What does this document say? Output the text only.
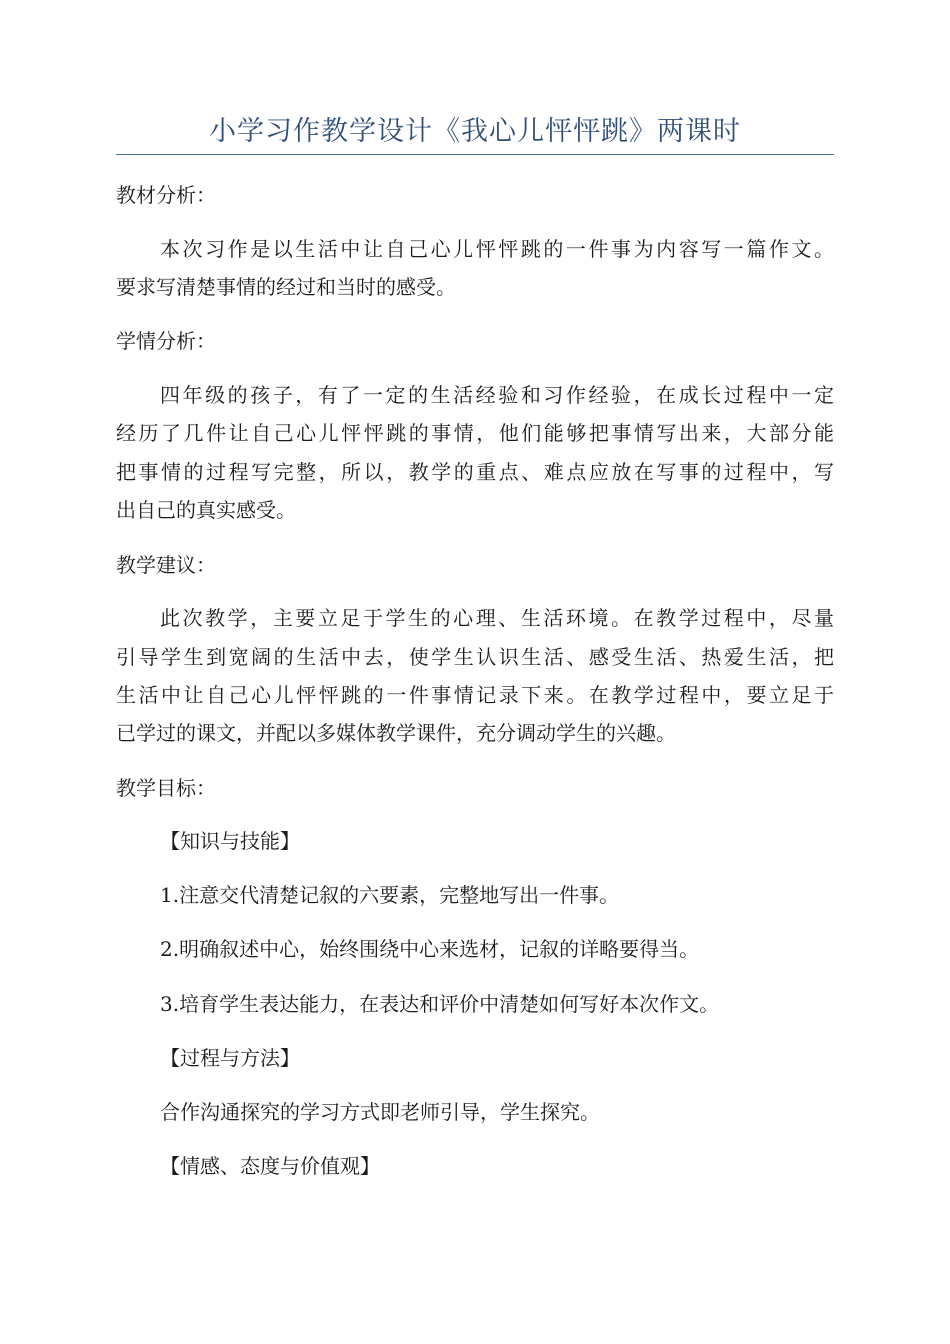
小学习作教学设计《我心儿怦怦跳》两课时
教材分析：
本次习作是以生活中让自己心儿怦怦跳的一件事为内容写一篇作文。
要求写清楚事情的经过和当时的感受。
学情分析：
四年级的孩子，有了一定的生活经验和习作经验，在成长过程中一定
经历了几件让自己心儿怦怦跳的事情，他们能够把事情写出来，大部分能
把事情的过程写完整，所以，教学的重点、难点应放在写事的过程中，写
出自己的真实感受。
教学建议：
此次教学，主要立足于学生的心理、生活环境。在教学过程中，尽量
引导学生到宽阔的生活中去，使学生认识生活、感受生活、热爱生活，把
生活中让自己心儿怦怦跳的一件事情记录下来。在教学过程中，要立足于
已学过的课文，并配以多媒体教学课件，充分调动学生的兴趣。
教学目标：
【知识与技能】
1.注意交代清楚记叙的六要素，完整地写出一件事。
2.明确叙述中心，始终围绕中心来选材，记叙的详略要得当。
3.培育学生表达能力，在表达和评价中清楚如何写好本次作文。
【过程与方法】
合作沟通探究的学习方式即老师引导，学生探究。
【情感、态度与价值观】
